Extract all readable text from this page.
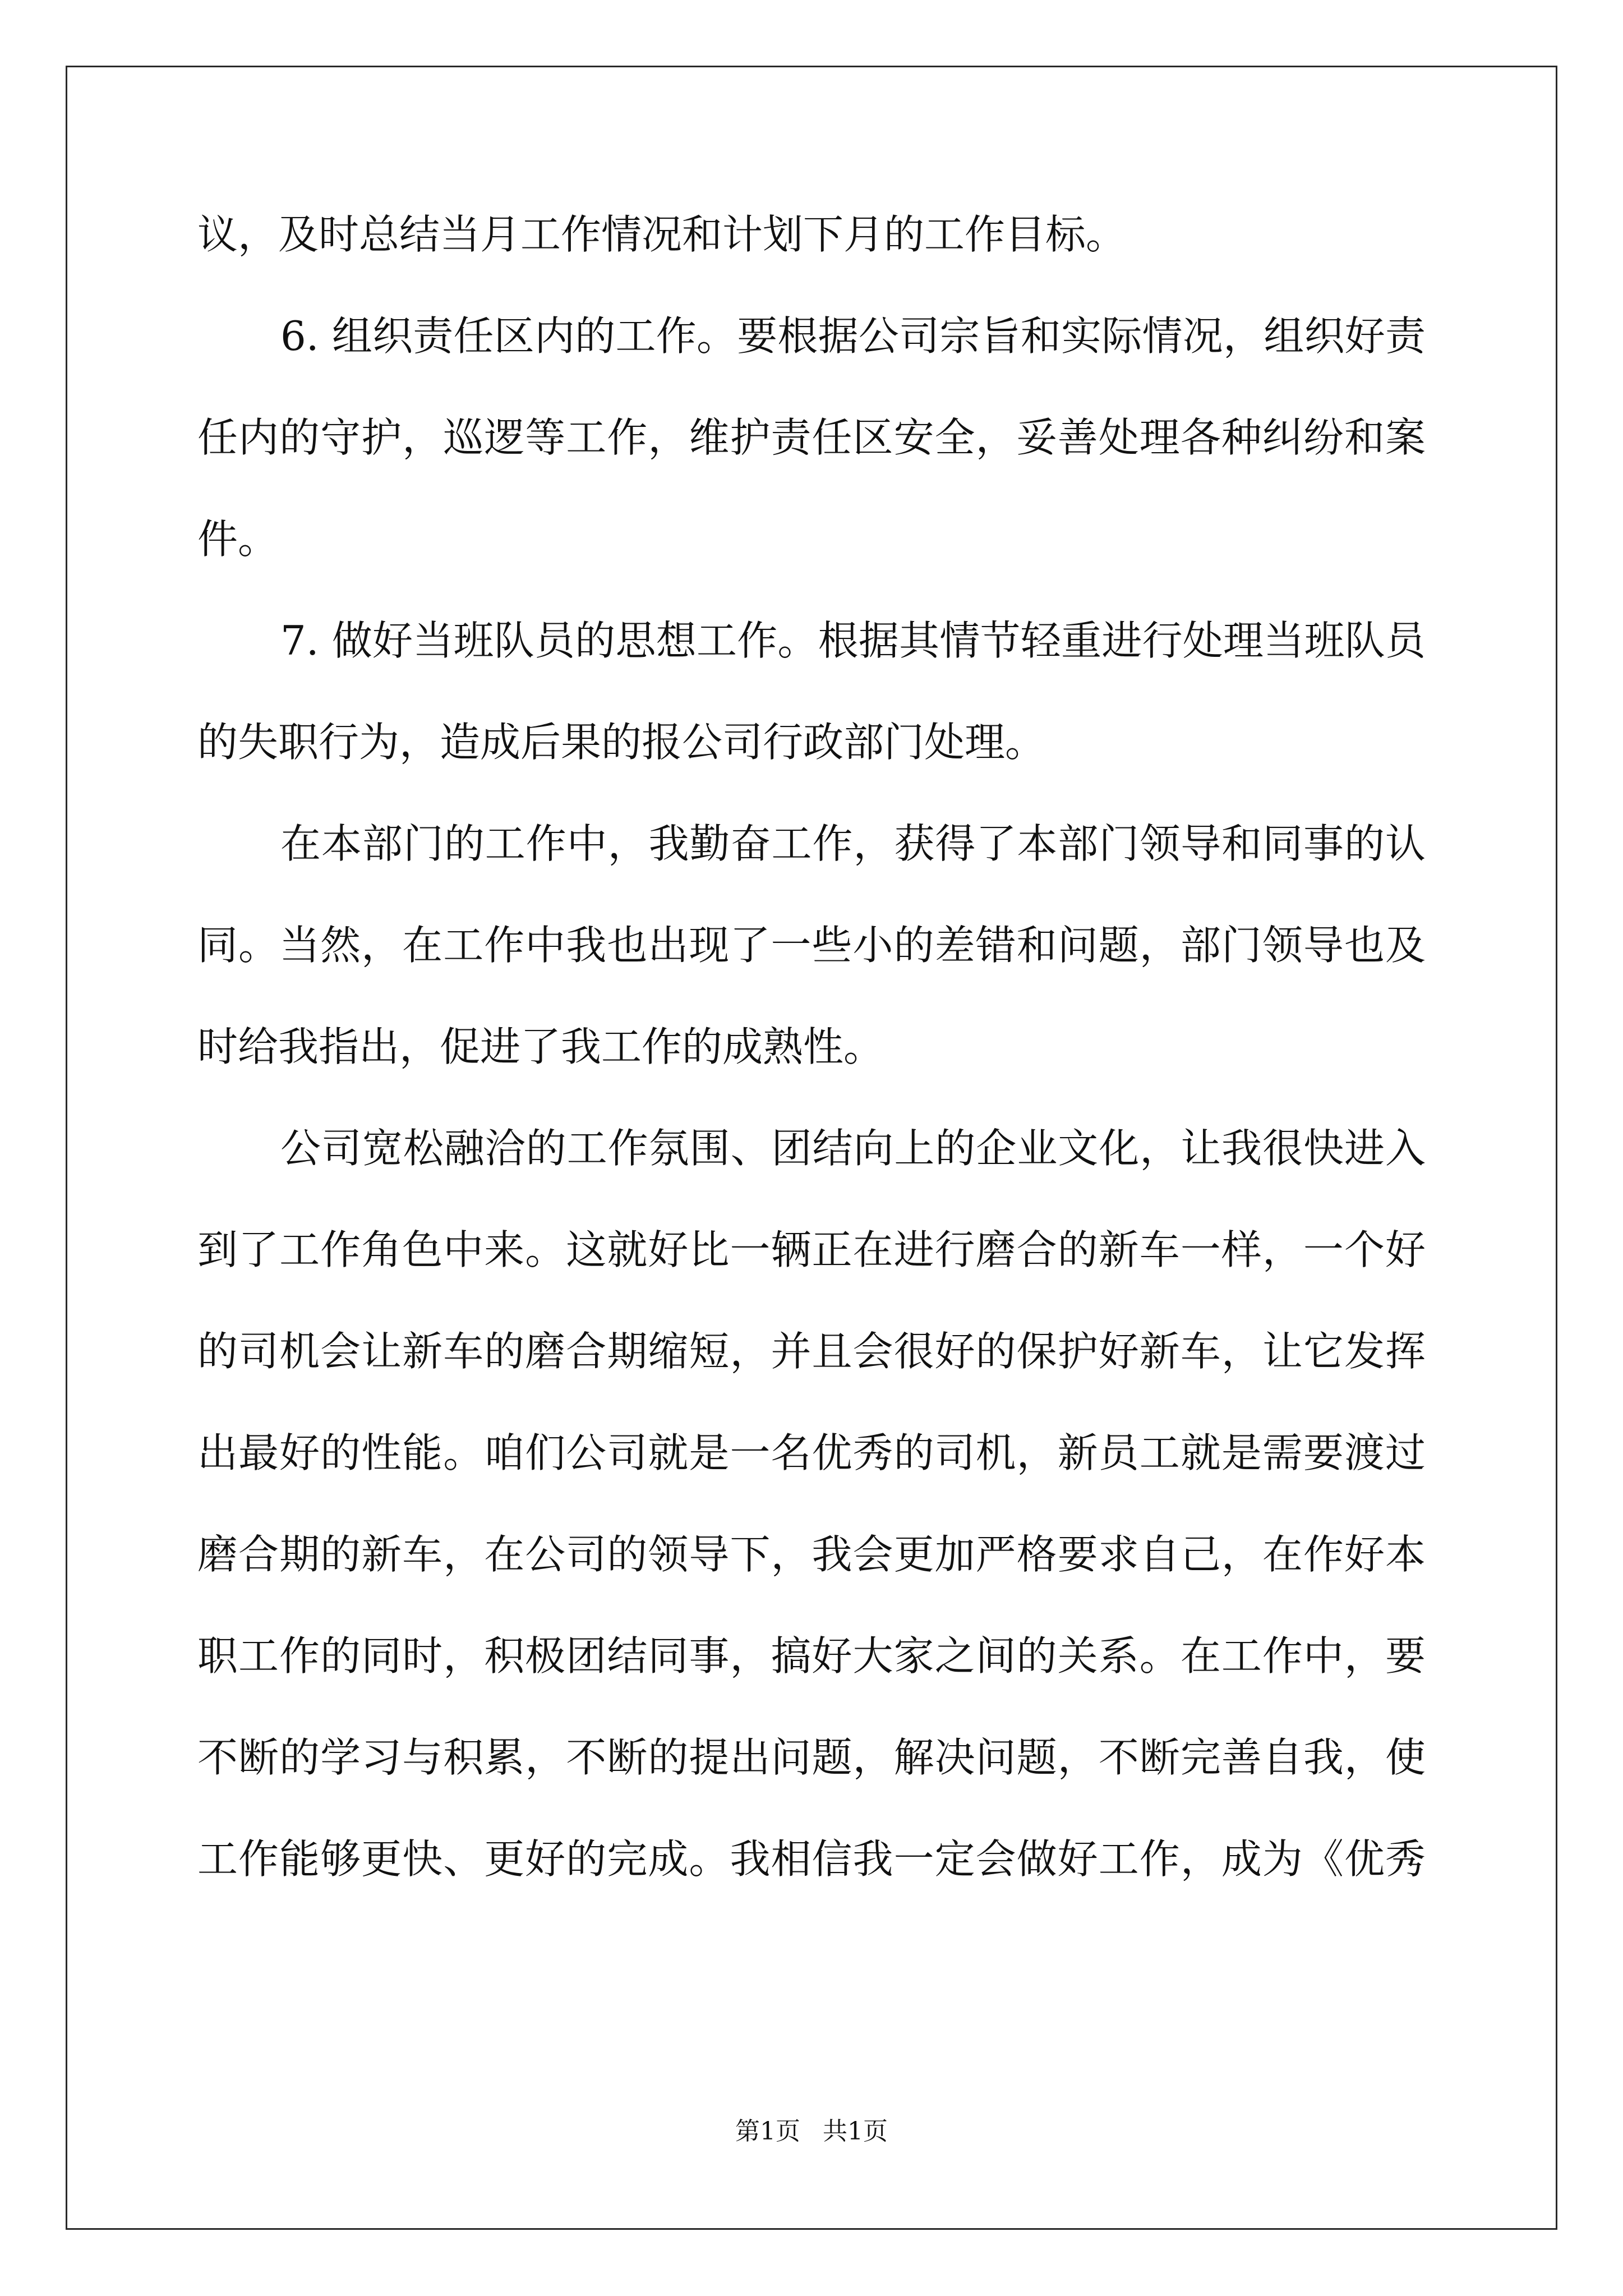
议，及时总结当月工作情况和计划下月的工作目标。
6. 组织责任区内的工作。要根据公司宗旨和实际情况，组织好责
任内的守护，巡逻等工作，维护责任区安全，妥善处理各种纠纷和案
件。
7. 做好当班队员的思想工作。根据其情节轻重进行处理当班队员
的失职行为，造成后果的报公司行政部门处理。
在本部门的工作中，我勤奋工作，获得了本部门领导和同事的认
同。当然，在工作中我也出现了一些小的差错和问题，部门领导也及
时给我指出，促进了我工作的成熟性。
公司宽松融洽的工作氛围、团结向上的企业文化，让我很快进入
到了工作角色中来。这就好比一辆正在进行磨合的新车一样，一个好
的司机会让新车的磨合期缩短，并且会很好的保护好新车，让它发挥
出最好的性能。咱们公司就是一名优秀的司机，新员工就是需要渡过
磨合期的新车，在公司的领导下，我会更加严格要求自己，在作好本
职工作的同时，积极团结同事，搞好大家之间的关系。在工作中，要
不断的学习与积累，不断的提出问题，解决问题，不断完善自我，使
工作能够更快、更好的完成。我相信我一定会做好工作，成为《优秀
第1页 共1页
